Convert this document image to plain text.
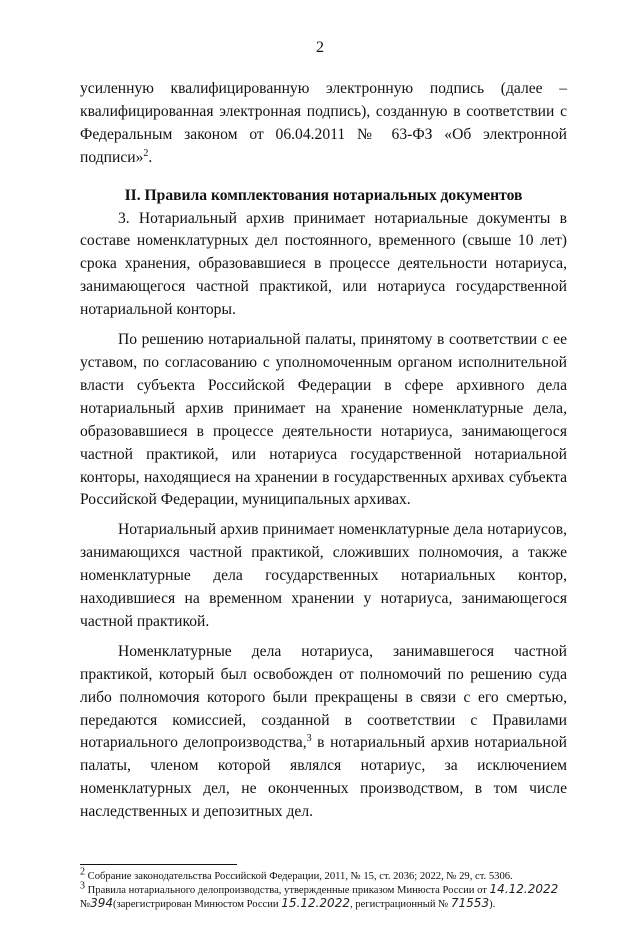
2

усиленную квалифицированную электронную подпись (далее – квалифицированная электронная подпись), созданную в соответствии с Федеральным законом от 06.04.2011 № 63-ФЗ «Об электронной подписи»$^2$.

II. Правила комплектования нотариальных документов

3. Нотариальный архив принимает нотариальные документы в составе номенклатурных дел постоянного, временного (свыше 10 лет) срока хранения, образовавшиеся в процессе деятельности нотариуса, занимающегося частной практикой, или нотариуса государственной нотариальной конторы.

По решению нотариальной палаты, принятому в соответствии с ее уставом, по согласованию с уполномоченным органом исполнительной власти субъекта Российской Федерации в сфере архивного дела нотариальный архив принимает на хранение номенклатурные дела, образовавшиеся в процессе деятельности нотариуса, занимающегося частной практикой, или нотариуса государственной нотариальной конторы, находящиеся на хранении в государственных архивах субъекта Российской Федерации, муниципальных архивах.

Нотариальный архив принимает номенклатурные дела нотариусов, занимающихся частной практикой, сложивших полномочия, а также номенклатурные дела государственных нотариальных контор, находившиеся на временном хранении у нотариуса, занимающегося частной практикой.

Номенклатурные дела нотариуса, занимавшегося частной практикой, который был освобожден от полномочий по решению суда либо полномочия которого были прекращены в связи с его смертью, передаются комиссией, созданной в соответствии с Правилами нотариального делопроизводства,$^3$ в нотариальный архив нотариальной палаты, членом которой являлся нотариус, за исключением номенклатурных дел, не оконченных производством, в том числе наследственных и депозитных дел.

$^2$ Собрание законодательства Российской Федерации, 2011, № 15, ст. 2036; 2022, № 29, ст. 5306.

$^3$ Правила нотариального делопроизводства, утвержденные приказом Минюста России от 14.12.2022
№394(зарегистрирован Минюстом России 15.12.2022, регистрационный № 71553).
